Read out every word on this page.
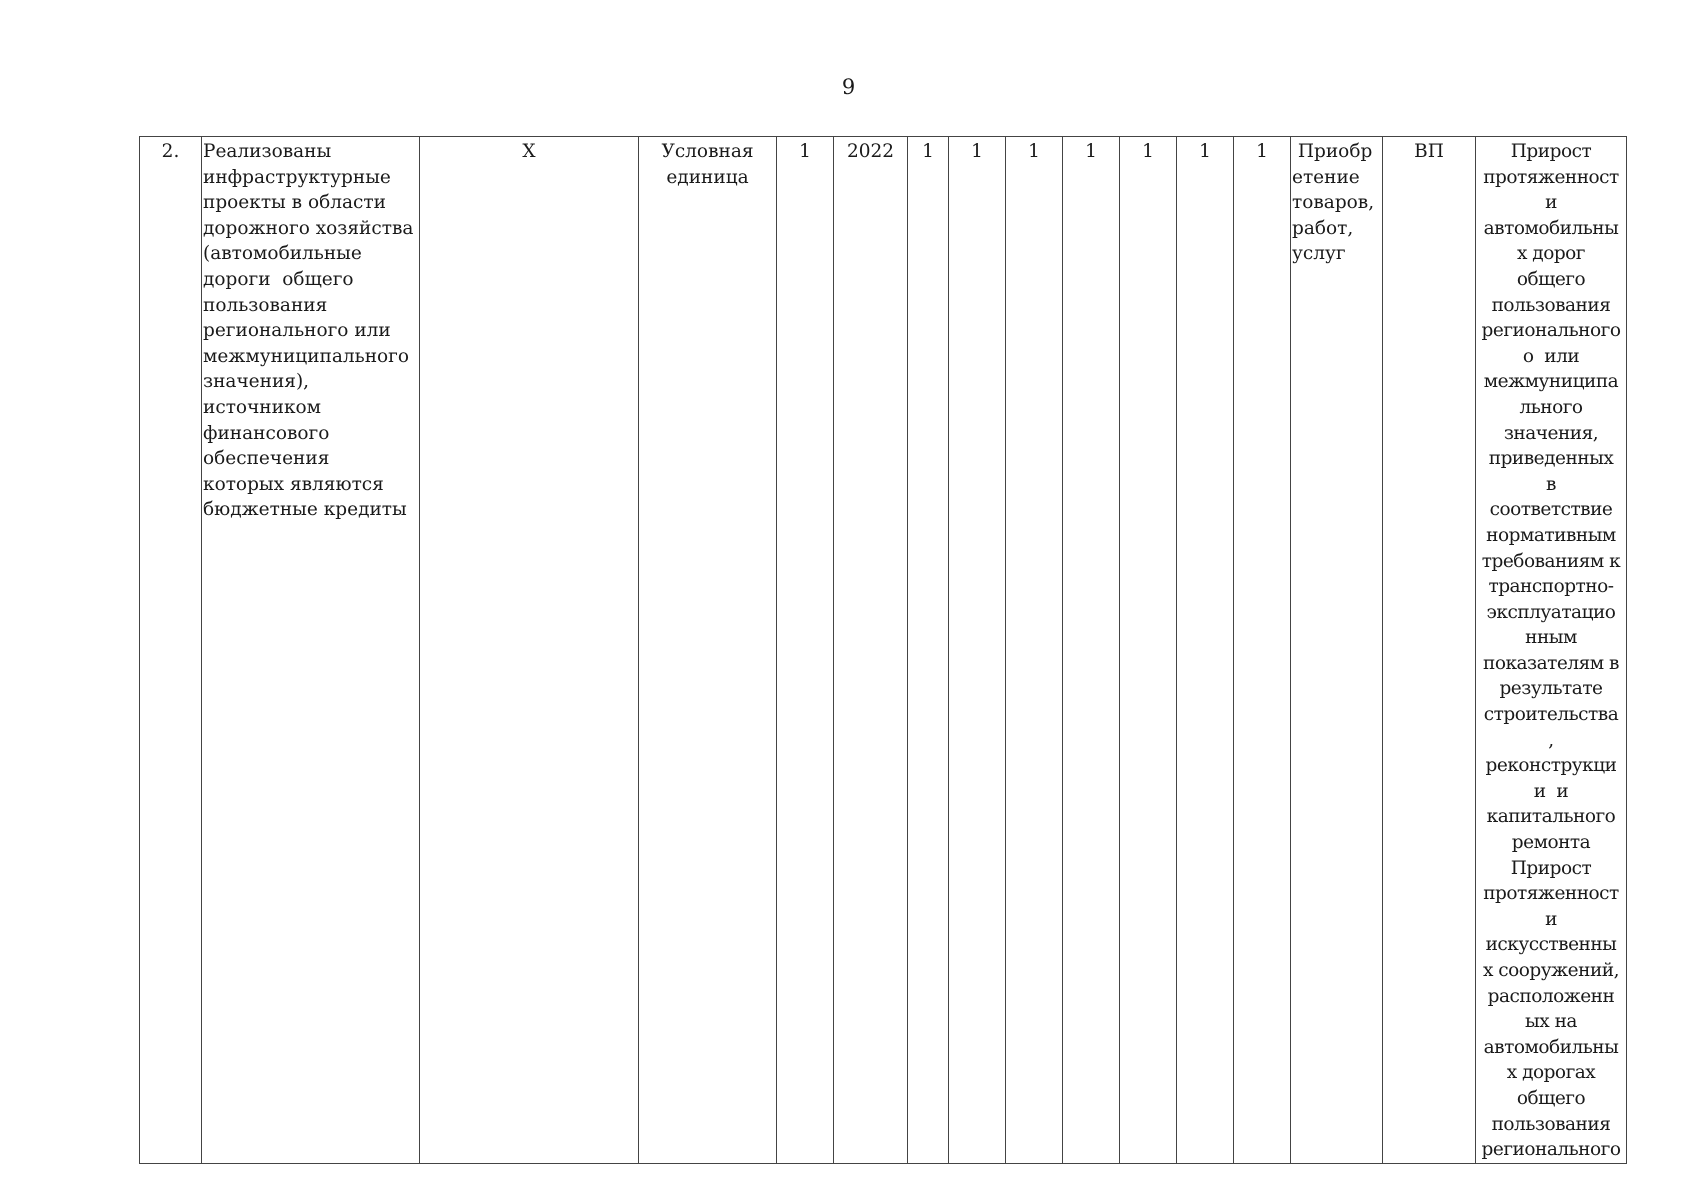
9
2.	Реализованы
инфраструктурные
проекты в области
дорожного хозяйства
(автомобильные
дороги  общего
пользования
регионального или
межмуниципального
значения),
источником
финансового
обеспечения
которых являются
бюджетные кредиты
	Х	Условная
единица
	1	2022	1	1	1	1	1	1	1	Приобр
етение
товаров,
работ,
услуг
	ВП	Прирост
протяженност
и
автомобильны
х дорог
общего
пользования
регионального
о  или
межмуниципа
льного
значения,
приведенных
в
соответствие
нормативным
требованиям к
транспортно-
эксплуатацио
нным
показателям в
результате
строительства
,
реконструкци
и  и
капитального
ремонта
Прирост
протяженност
и
искусственны
х сооружений,
расположенн
ых на
автомобильны
х дорогах
общего
пользования
регионального
